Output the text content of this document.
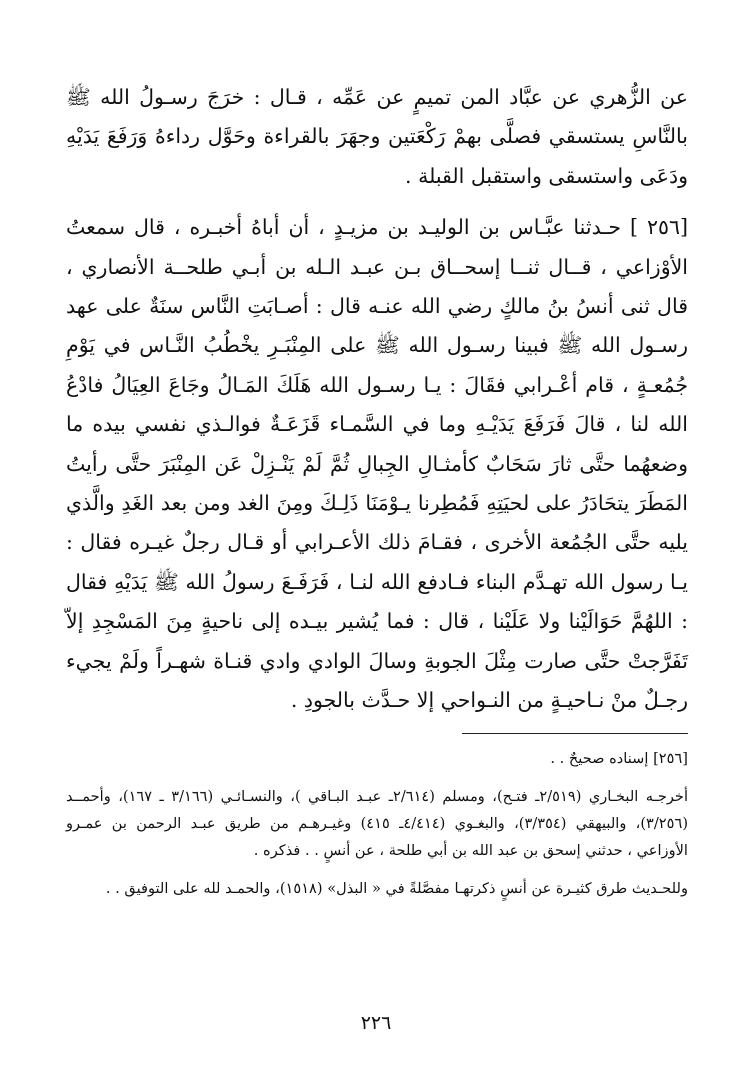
عن الزُّهري عن عبَّاد المن تميمٍ عن عَمِّه ، قـال : خرَجَ رسـولُ الله ﷺ بالنَّاسِ يستسقي فصلَّى بهمْ رَكْعَتين وجهَرَ بالقراءة وحَوَّل رداءهُ وَرَفَعَ يَدَيْهِ ودَعَى واستسقى واستقبل القبلة .

[٢٥٦ ] حـدثنا عبَّـاس بن الوليـد بن مزيـدٍ ، أن أباهُ أخبـره ، قال سمعتُ الأوْزاعي ، قــال ثنــا إسحــاق بـن عبـد الـله بن أبـي طلحــة الأنصاري ، قال ثنى أنسُ بنُ مالكٍ رضي الله عنـه قال : أصـابَتِ النَّاس سنَةٌ على عهد رسـول الله ﷺ فبينا رسـول الله ﷺ على المِنْبَـرِ يخْطُبُ النَّـاس في يَوْمِ جُمُعـةٍ ، قام أعْـرابي فقَالَ : يـا رسـول الله هَلَكَ المَـالُ وجَاعَ العِيَالُ فادْعُ الله لنا ، قالَ فَرَفَعَ يَدَيْـهِ وما في السَّمـاء قَزَعَـةٌ فوالـذي نفسي بيده ما وضعهُما حتَّى ثارَ سَحَابٌ كأمثـالِ الجِبالِ ثُمَّ لَمْ يَنْـزِلْ عَن المِنْبَرَ حتَّى رأيتُ المَطَرَ يتحَادَرُ على لحيَتِهِ فَمُطِرنا يـوْمَنَا ذَلِـكَ ومِنَ الغد ومن بعد الغَدِ والَّذي يليه حتَّى الجُمُعة الأخرى ، فقـامَ ذلك الأعـرابي أو قـال رجلٌ غيـره فقال : يـا رسول الله تهـدَّم البناء فـادفع الله لنـا ، فَرَفَـعَ رسولُ الله ﷺ يَدَيْهِ فقال : اللهُمَّ حَوَالَيْنا ولا عَلَيْنا ، قال : فما يُشير بيـده إلى ناحيةٍ مِنَ المَسْجِدِ إلاّ تَفَرَّجتْ حتَّى صارت مِثْلَ الجوبةِ وسالَ الوادي وادي قنـاة شهـراً ولَمْ يجيء رجـلٌ منْ نـاحيـةٍ من النـواحي إلا حـدَّث بالجودِ .

[٢٥٦] إسناده صحيحٌ . .

أخرجـه البخـاري (٢/٥١٩ـ فتـح)، ومسلم (٢/٦١٤ـ عبـد البـاقي )، والنسـائـي (٣/١٦٦ ـ ١٦٧)، وأحمــد (٣/٢٥٦)، والبيهقي (٣/٣٥٤)، والبغـوي (٤/٤١٤ـ ٤١٥) وغيـرهـم من طريق عبـد الرحمن بن عمـرو الأوزاعي ، حدثني إسحق بن عبد الله بن أبي طلحة ، عن أنسٍ . . فذكره .

وللحـديث طرق كثيـرة عن أنسٍ ذكرتهـا مفصَّلةً في « البذل» (١٥١٨)، والحمـد لله على التوفيق . .

٢٢٦
